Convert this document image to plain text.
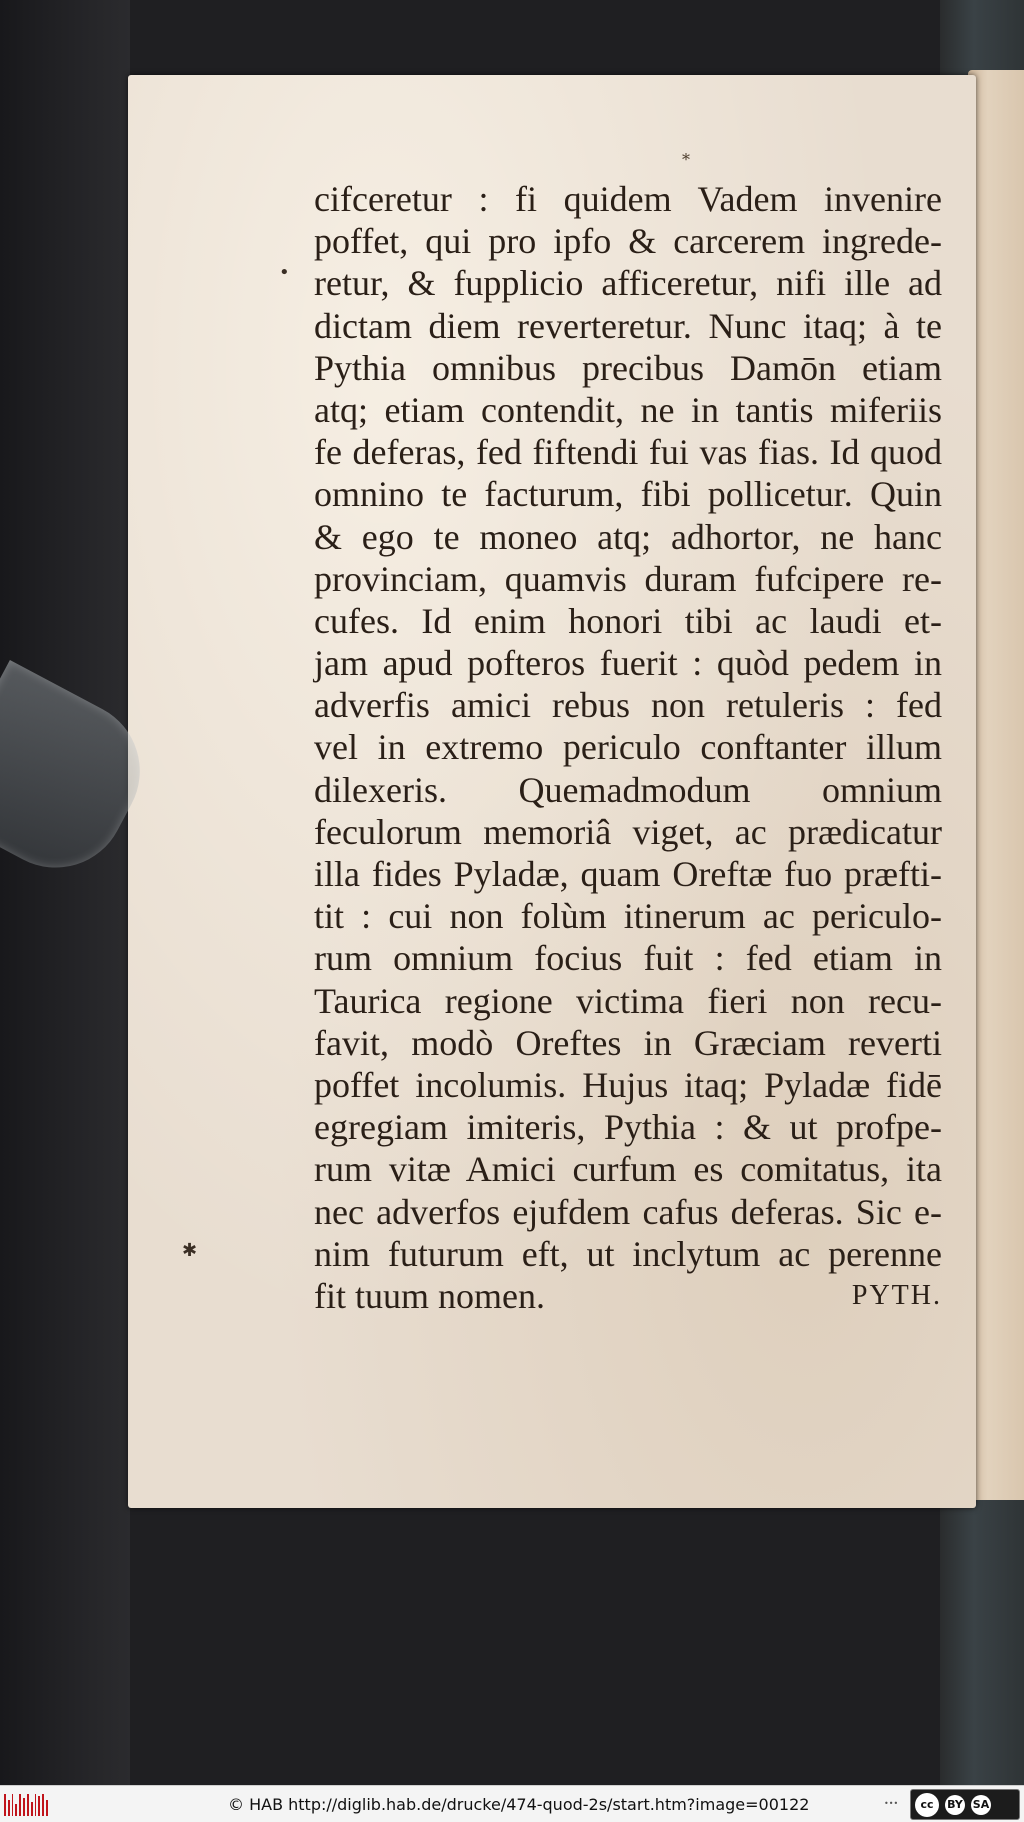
*
•
✱
cifceretur : fi quidem Vadem invenire
poffet, qui pro ipfo & carcerem ingrede-
retur, & fupplicio afficeretur, nifi ille ad
dictam diem reverteretur. Nunc itaq; à te
Pythia omnibus precibus Damōn etiam
atq; etiam contendit, ne in tantis miferiis
fe deferas, fed fiftendi fui vas fias. Id quod
omnino te facturum, fibi pollicetur. Quin
& ego te moneo atq; adhortor, ne hanc
provinciam, quamvis duram fufcipere re-
cufes. Id enim honori tibi ac laudi et-
jam apud pofteros fuerit : quòd pedem in
adverfis amici rebus non retuleris : fed
vel in extremo periculo conftanter illum
dilexeris. Quemadmodum omnium
feculorum memoriâ viget, ac prædicatur
illa fides Pyladæ, quam Oreftæ fuo præfti-
tit : cui non folùm itinerum ac periculo-
rum omnium focius fuit : fed etiam in
Taurica regione victima fieri non recu-
favit, modò Oreftes in Græciam reverti
poffet incolumis. Hujus itaq; Pyladæ fidē
egregiam imiteris, Pythia : & ut profpe-
rum vitæ Amici curfum es comitatus, ita
nec adverfos ejufdem cafus deferas. Sic e-
nim futurum eft, ut inclytum ac perenne
fit tuum nomen.	PYTH.
© HAB http://diglib.hab.de/drucke/474-quod-2s/start.htm?image=00122	•••	cc	BY SA
